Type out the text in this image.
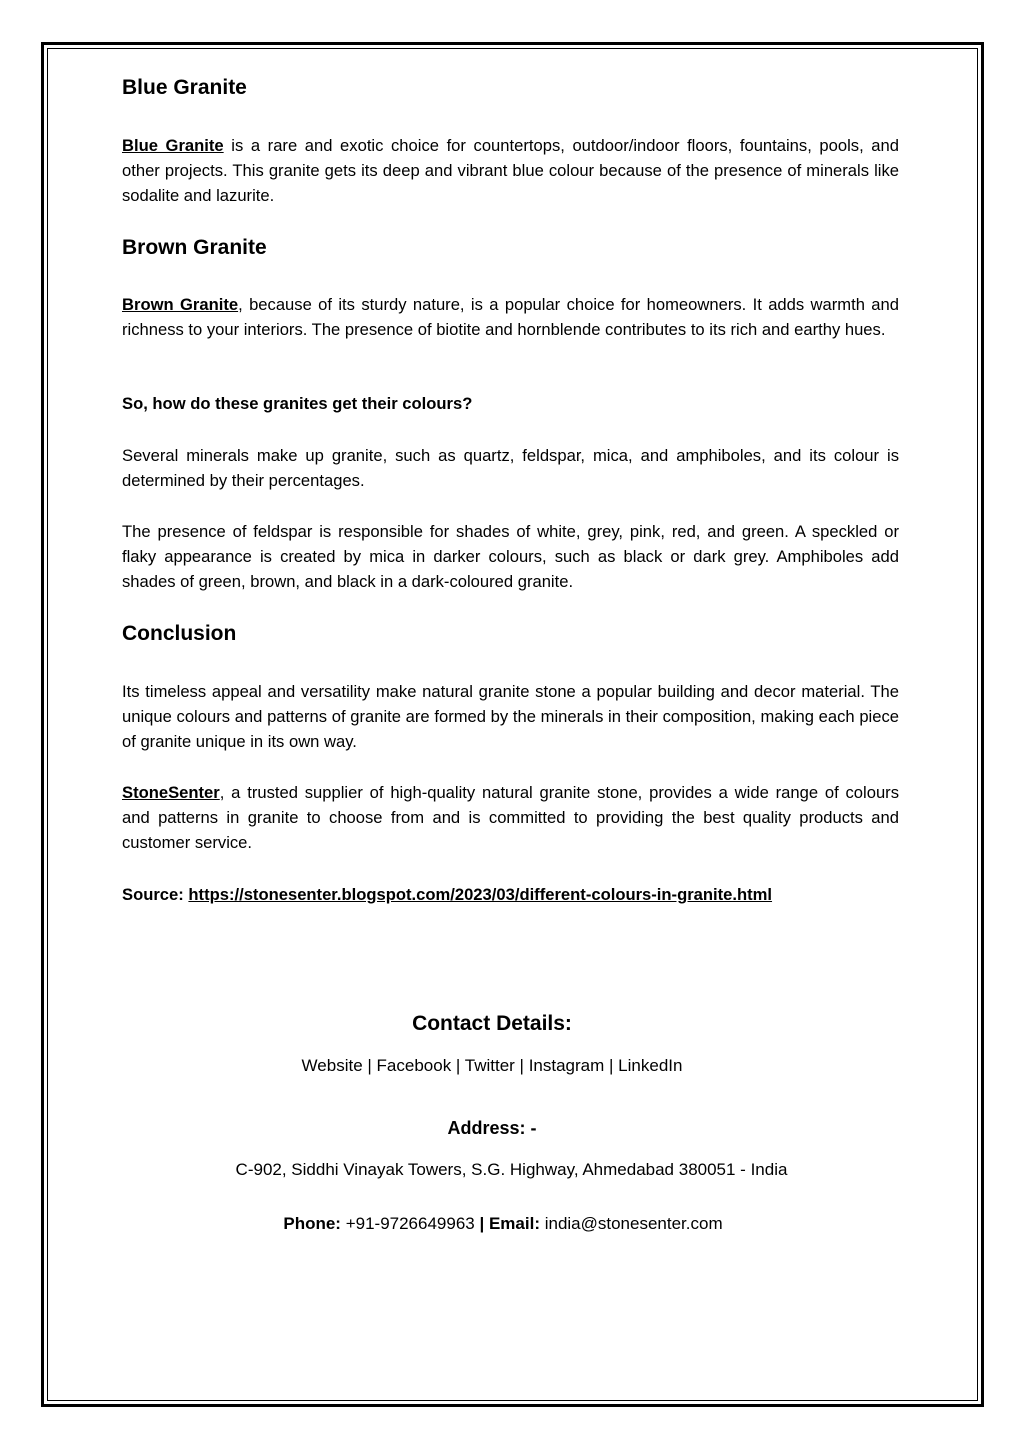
Blue Granite

Blue Granite is a rare and exotic choice for countertops, outdoor/indoor floors, fountains, pools, and other projects. This granite gets its deep and vibrant blue colour because of the presence of minerals like sodalite and lazurite.

Brown Granite

Brown Granite, because of its sturdy nature, is a popular choice for homeowners. It adds warmth and richness to your interiors. The presence of biotite and hornblende contributes to its rich and earthy hues.

So, how do these granites get their colours?

Several minerals make up granite, such as quartz, feldspar, mica, and amphiboles, and its colour is determined by their percentages.

The presence of feldspar is responsible for shades of white, grey, pink, red, and green. A speckled or flaky appearance is created by mica in darker colours, such as black or dark grey. Amphiboles add shades of green, brown, and black in a dark-coloured granite.

Conclusion

Its timeless appeal and versatility make natural granite stone a popular building and decor material. The unique colours and patterns of granite are formed by the minerals in their composition, making each piece of granite unique in its own way.

StoneSenter, a trusted supplier of high-quality natural granite stone, provides a wide range of colours and patterns in granite to choose from and is committed to providing the best quality products and customer service.

Source: https://stonesenter.blogspot.com/2023/03/different-colours-in-granite.html

Contact Details:

Website | Facebook | Twitter | Instagram | LinkedIn

Address: -

C-902, Siddhi Vinayak Towers, S.G. Highway, Ahmedabad 380051 - India

Phone: +91-9726649963 | Email: india@stonesenter.com
